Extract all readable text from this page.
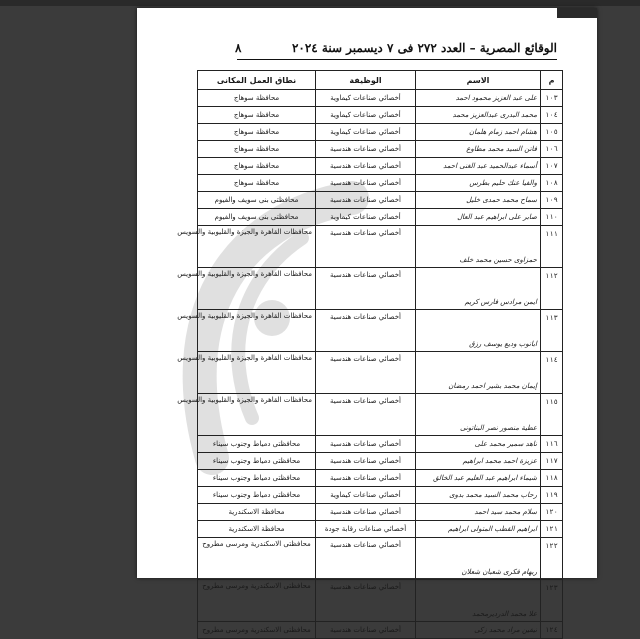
الوقائع المصرية – العدد ٢٧٢ فى ٧ ديسمبر سنة ٢٠٢٤
٨
م	الاسم	الوظيفة	نطاق العمل المكانى
١٠٣	على عبد العزيز محمود احمد	أخصائي صناعات كيماوية	محافظة سوهاج
١٠٤	محمد البدرى عبدالعزيز محمد	أخصائي صناعات كيماوية	محافظة سوهاج
١٠٥	هشام احمد زمام هلمان	أخصائي صناعات كيماوية	محافظة سوهاج
١٠٦	فاتن السيد محمد مطاوع	أخصائي صناعات هندسية	محافظة سوهاج
١٠٧	أسماء عبدالحميد عبد الغنى احمد	أخصائي صناعات هندسية	محافظة سوهاج
١٠٨	والفيا عنك حليم بطرس	أخصائي صناعات هندسية	محافظة سوهاج
١٠٩	سماح محمد حمدى خليل	أخصائي صناعات هندسية	محافظتى بنى سويف والفيوم
١١٠	صابر على ابراهيم عبد العال	أخصائي صناعات كيماوية	محافظتى بنى سويف والفيوم
١١١	حمزاوى حسين محمد خلف	أخصائي صناعات هندسية	محافظات القاهرة والجيزة والقليوبية والسويس
١١٢	ايمن مرادس فارس كريم	أخصائي صناعات هندسية	محافظات القاهرة والجيزة والقليوبية والسويس
١١٣	ابانوب وديع يوسف رزق	أخصائي صناعات هندسية	محافظات القاهرة والجيزة والقليوبية والسويس
١١٤	إيمان محمد بشير احمد رمضان	أخصائي صناعات هندسية	محافظات القاهرة والجيزة والقليوبية والسويس
١١٥	عطية منصور نصر البناتونى	أخصائي صناعات هندسية	محافظات القاهرة والجيزة والقليوبية والسويس
١١٦	ناهد سمير محمد على	أخصائي صناعات هندسية	محافظتى دمياط وجنوب سيناء
١١٧	عزيزة احمد محمد ابراهيم	أخصائي صناعات هندسية	محافظتى دمياط وجنوب سيناء
١١٨	شيماء ابراهيم عبد العليم عبد الخالق	أخصائي صناعات هندسية	محافظتى دمياط وجنوب سيناء
١١٩	رحاب محمد السيد محمد بدوى	أخصائي صناعات كيماوية	محافظتى دمياط وجنوب سيناء
١٢٠	سلام محمد سيد احمد	أخصائي صناعات هندسية	محافظة الاسكندرية
١٢١	ابراهيم القطب المتولى ابراهيم	أخصائي صناعات رقابة جودة	محافظة الاسكندرية
١٢٢	ريهام فكرى شعبان شعلان	أخصائي صناعات هندسية	محافظتى الاسكندرية ومرسى مطروح
١٢٣	علا محمد الدرديرمحمد	أخصائي صناعات هندسية	محافظتى الاسكندرية ومرسى مطروح
١٢٤	نيفين مراد محمد زكى	أخصائي صناعات هندسية	محافظتى الاسكندرية ومرسى مطروح
